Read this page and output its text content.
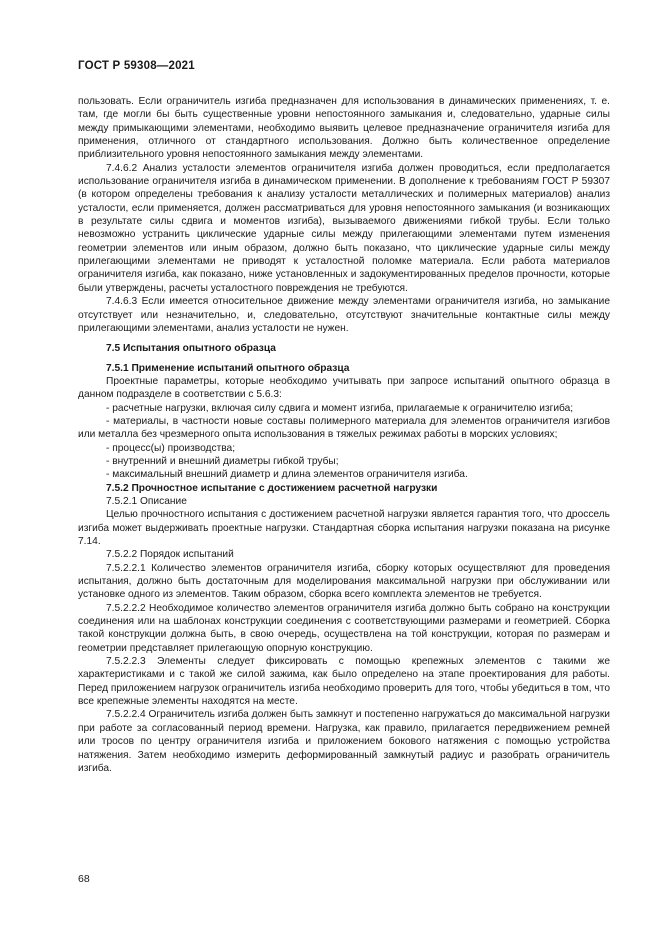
ГОСТ Р 59308—2021

пользовать. Если ограничитель изгиба предназначен для использования в динамических применениях, т. е. там, где могли бы быть существенные уровни непостоянного замыкания и, следовательно, ударные силы между примыкающими элементами, необходимо выявить целевое предназначение ограничителя изгиба для применения, отличного от стандартного использования. Должно быть количественное определение приблизительного уровня непостоянного замыкания между элементами.

7.4.6.2 Анализ усталости элементов ограничителя изгиба должен проводиться, если предполагается использование ограничителя изгиба в динамическом применении. В дополнение к требованиям ГОСТ Р 59307 (в котором определены требования к анализу усталости металлических и полимерных материалов) анализ усталости, если применяется, должен рассматриваться для уровня непостоянного замыкания (и возникающих в результате силы сдвига и моментов изгиба), вызываемого движениями гибкой трубы. Если только невозможно устранить циклические ударные силы между прилегающими элементами путем изменения геометрии элементов или иным образом, должно быть показано, что циклические ударные силы между прилегающими элементами не приводят к усталостной поломке материала. Если работа материалов ограничителя изгиба, как показано, ниже установленных и задокументированных пределов прочности, которые были утверждены, расчеты усталостного повреждения не требуются.

7.4.6.3 Если имеется относительное движение между элементами ограничителя изгиба, но замыкание отсутствует или незначительно, и, следовательно, отсутствуют значительные контактные силы между прилегающими элементами, анализ усталости не нужен.

7.5 Испытания опытного образца

7.5.1 Применение испытаний опытного образца

Проектные параметры, которые необходимо учитывать при запросе испытаний опытного образца в данном подразделе в соответствии с 5.6.3:

- расчетные нагрузки, включая силу сдвига и момент изгиба, прилагаемые к ограничителю изгиба;

- материалы, в частности новые составы полимерного материала для элементов ограничителя изгибов или металла без чрезмерного опыта использования в тяжелых режимах работы в морских условиях;

- процесс(ы) производства;

- внутренний и внешний диаметры гибкой трубы;

- максимальный внешний диаметр и длина элементов ограничителя изгиба.

7.5.2 Прочностное испытание с достижением расчетной нагрузки

7.5.2.1 Описание

Целью прочностного испытания с достижением расчетной нагрузки является гарантия того, что дроссель изгиба может выдерживать проектные нагрузки. Стандартная сборка испытания нагрузки показана на рисунке 7.14.

7.5.2.2 Порядок испытаний

7.5.2.2.1 Количество элементов ограничителя изгиба, сборку которых осуществляют для проведения испытания, должно быть достаточным для моделирования максимальной нагрузки при обслуживании или установке одного из элементов. Таким образом, сборка всего комплекта элементов не требуется.

7.5.2.2.2 Необходимое количество элементов ограничителя изгиба должно быть собрано на конструкции соединения или на шаблонах конструкции соединения с соответствующими размерами и геометрией. Сборка такой конструкции должна быть, в свою очередь, осуществлена на той конструкции, которая по размерам и геометрии представляет прилегающую опорную конструкцию.

7.5.2.2.3 Элементы следует фиксировать с помощью крепежных элементов с такими же характеристиками и с такой же силой зажима, как было определено на этапе проектирования для работы. Перед приложением нагрузок ограничитель изгиба необходимо проверить для того, чтобы убедиться в том, что все крепежные элементы находятся на месте.

7.5.2.2.4 Ограничитель изгиба должен быть замкнут и постепенно нагружаться до максимальной нагрузки при работе за согласованный период времени. Нагрузка, как правило, прилагается передвижением ремней или тросов по центру ограничителя изгиба и приложением бокового натяжения с помощью устройства натяжения. Затем необходимо измерить деформированный замкнутый радиус и разобрать ограничитель изгиба.

68
